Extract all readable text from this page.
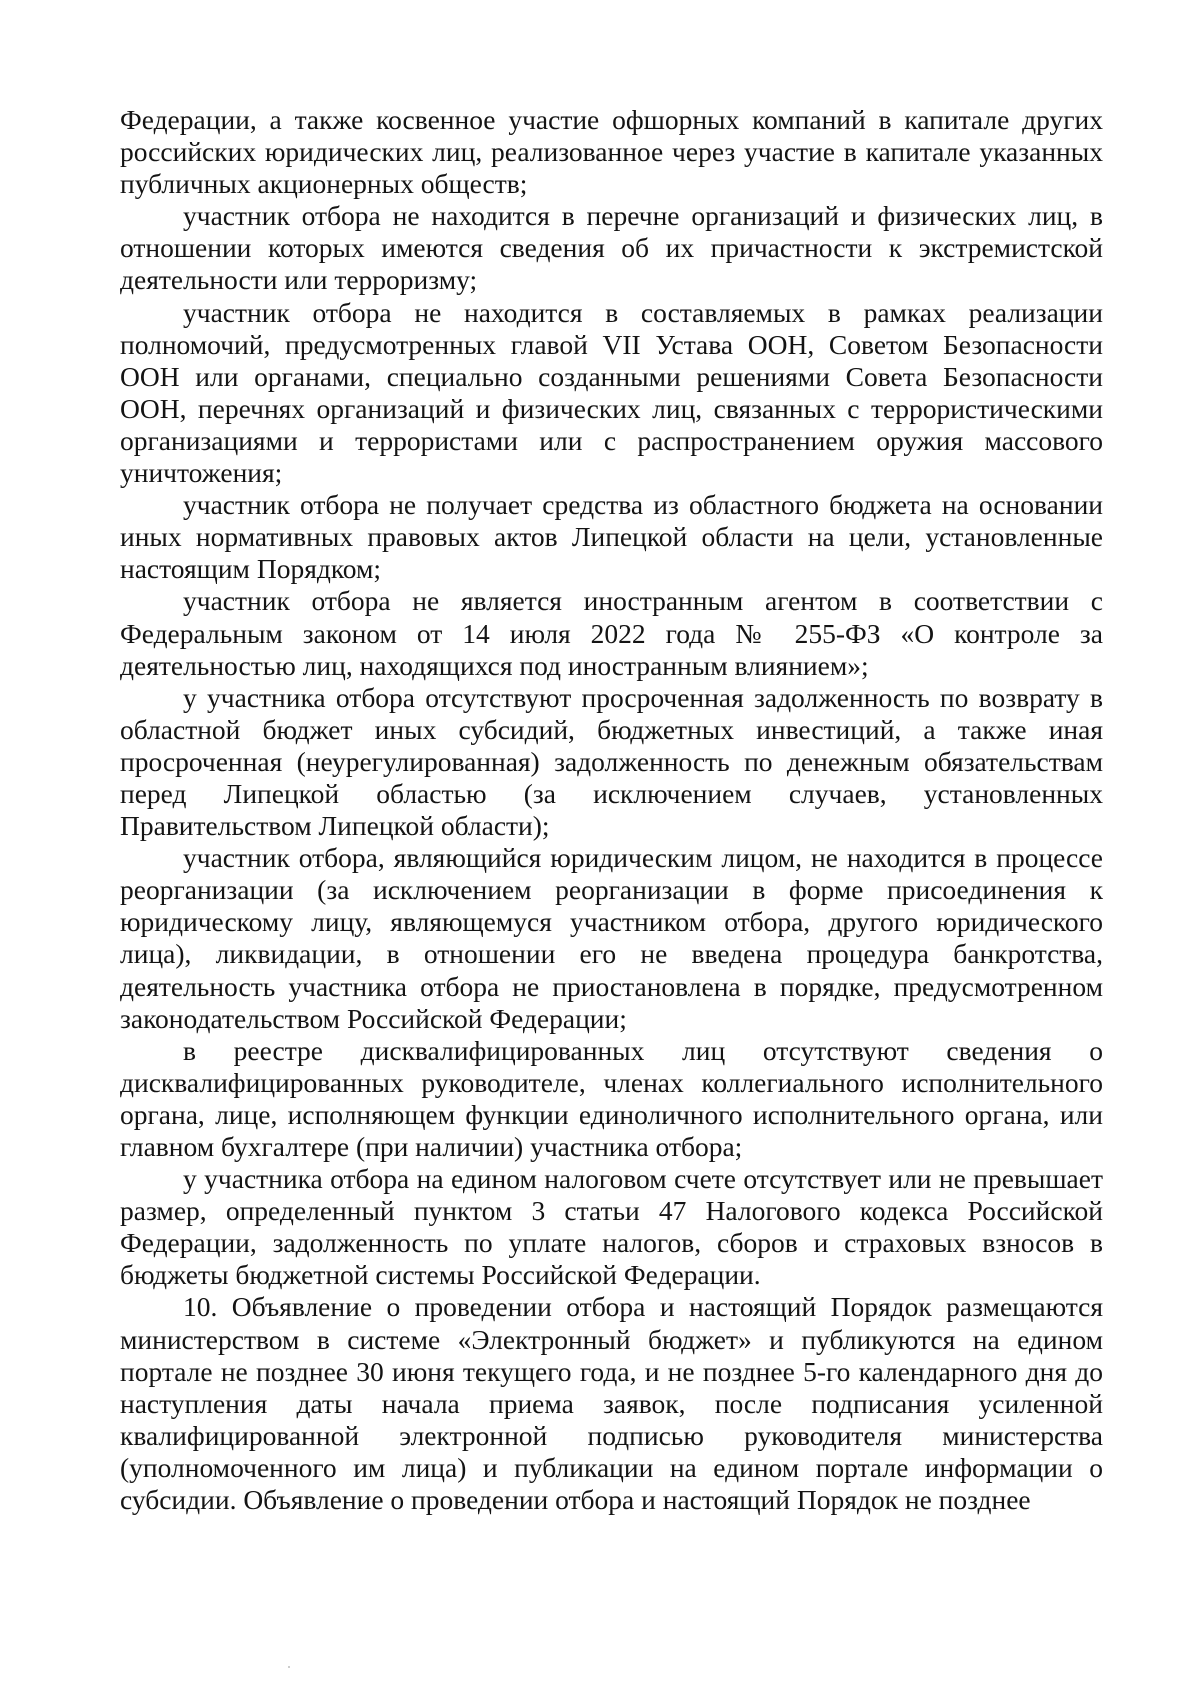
Федерации, а также косвенное участие офшорных компаний в капитале других российских юридических лиц, реализованное через участие в капитале указанных публичных акционерных обществ;

участник отбора не находится в перечне организаций и физических лиц, в отношении которых имеются сведения об их причастности к экстремистской деятельности или терроризму;

участник отбора не находится в составляемых в рамках реализации полномочий, предусмотренных главой VII Устава ООН, Советом Безопасности ООН или органами, специально созданными решениями Совета Безопасности ООН, перечнях организаций и физических лиц, связанных с террористическими организациями и террористами или с распространением оружия массового уничтожения;

участник отбора не получает средства из областного бюджета на основании иных нормативных правовых актов Липецкой области на цели, установленные настоящим Порядком;

участник отбора не является иностранным агентом в соответствии с Федеральным законом от 14 июля 2022 года № 255-ФЗ «О контроле за деятельностью лиц, находящихся под иностранным влиянием»;

у участника отбора отсутствуют просроченная задолженность по возврату в областной бюджет иных субсидий, бюджетных инвестиций, а также иная просроченная (неурегулированная) задолженность по денежным обязательствам перед Липецкой областью (за исключением случаев, установленных Правительством Липецкой области);

участник отбора, являющийся юридическим лицом, не находится в процессе реорганизации (за исключением реорганизации в форме присоединения к юридическому лицу, являющемуся участником отбора, другого юридического лица), ликвидации, в отношении его не введена процедура банкротства, деятельность участника отбора не приостановлена в порядке, предусмотренном законодательством Российской Федерации;

в реестре дисквалифицированных лиц отсутствуют сведения о дисквалифицированных руководителе, членах коллегиального исполнительного органа, лице, исполняющем функции единоличного исполнительного органа, или главном бухгалтере (при наличии) участника отбора;

у участника отбора на едином налоговом счете отсутствует или не превышает размер, определенный пунктом 3 статьи 47 Налогового кодекса Российской Федерации, задолженность по уплате налогов, сборов и страховых взносов в бюджеты бюджетной системы Российской Федерации.

10. Объявление о проведении отбора и настоящий Порядок размещаются министерством в системе «Электронный бюджет» и публикуются на едином портале не позднее 30 июня текущего года, и не позднее 5-го календарного дня до наступления даты начала приема заявок, после подписания усиленной квалифицированной электронной подписью руководителя министерства (уполномоченного им лица) и публикации на едином портале информации о субсидии. Объявление о проведении отбора и настоящий Порядок не позднее
